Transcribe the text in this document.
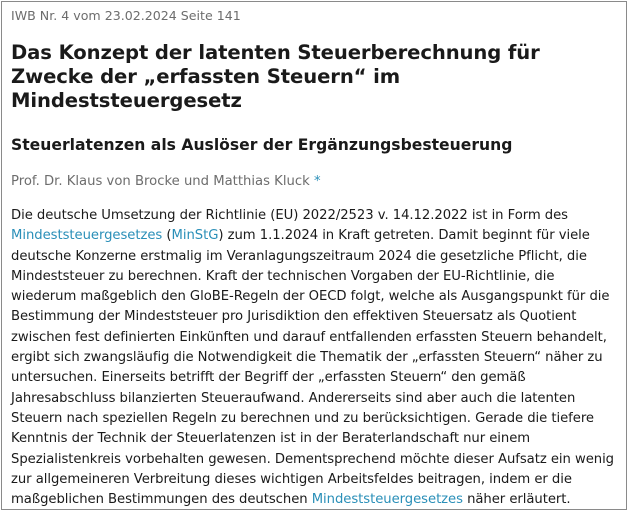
IWB Nr. 4 vom 23.02.2024 Seite 141

Das Konzept der latenten Steuerberechnung für Zwecke der „erfassten Steuern“ im Mindeststeuergesetz
Steuerlatenzen als Auslöser der Ergänzungsbesteuerung

Prof. Dr. Klaus von Brocke und Matthias Kluck *

Die deutsche Umsetzung der Richtlinie (EU) 2022/2523 v. 14.12.2022 ist in Form des Mindeststeuergesetzes (MinStG) zum 1.1.2024 in Kraft getreten. Damit beginnt für viele deutsche Konzerne erstmalig im Veranlagungszeitraum 2024 die gesetzliche Pflicht, die Mindeststeuer zu berechnen. Kraft der technischen Vorgaben der EU-Richtlinie, die wiederum maßgeblich den GloBE-Regeln der OECD folgt, welche als Ausgangspunkt für die Bestimmung der Mindeststeuer pro Jurisdiktion den effektiven Steuersatz als Quotient zwischen fest definierten Einkünften und darauf entfallenden erfassten Steuern behandelt, ergibt sich zwangsläufig die Notwendigkeit die Thematik der „erfassten Steuern“ näher zu untersuchen. Einerseits betrifft der Begriff der „erfassten Steuern“ den gemäß Jahresabschluss bilanzierten Steueraufwand. Andererseits sind aber auch die latenten Steuern nach speziellen Regeln zu berechnen und zu berücksichtigen. Gerade die tiefere Kenntnis der Technik der Steuerlatenzen ist in der Beraterlandschaft nur einem Spezialistenkreis vorbehalten gewesen. Dementsprechend möchte dieser Aufsatz ein wenig zur allgemeineren Verbreitung dieses wichtigen Arbeitsfeldes beitragen, indem er die maßgeblichen Bestimmungen des deutschen Mindeststeuergesetzes näher erläutert.
